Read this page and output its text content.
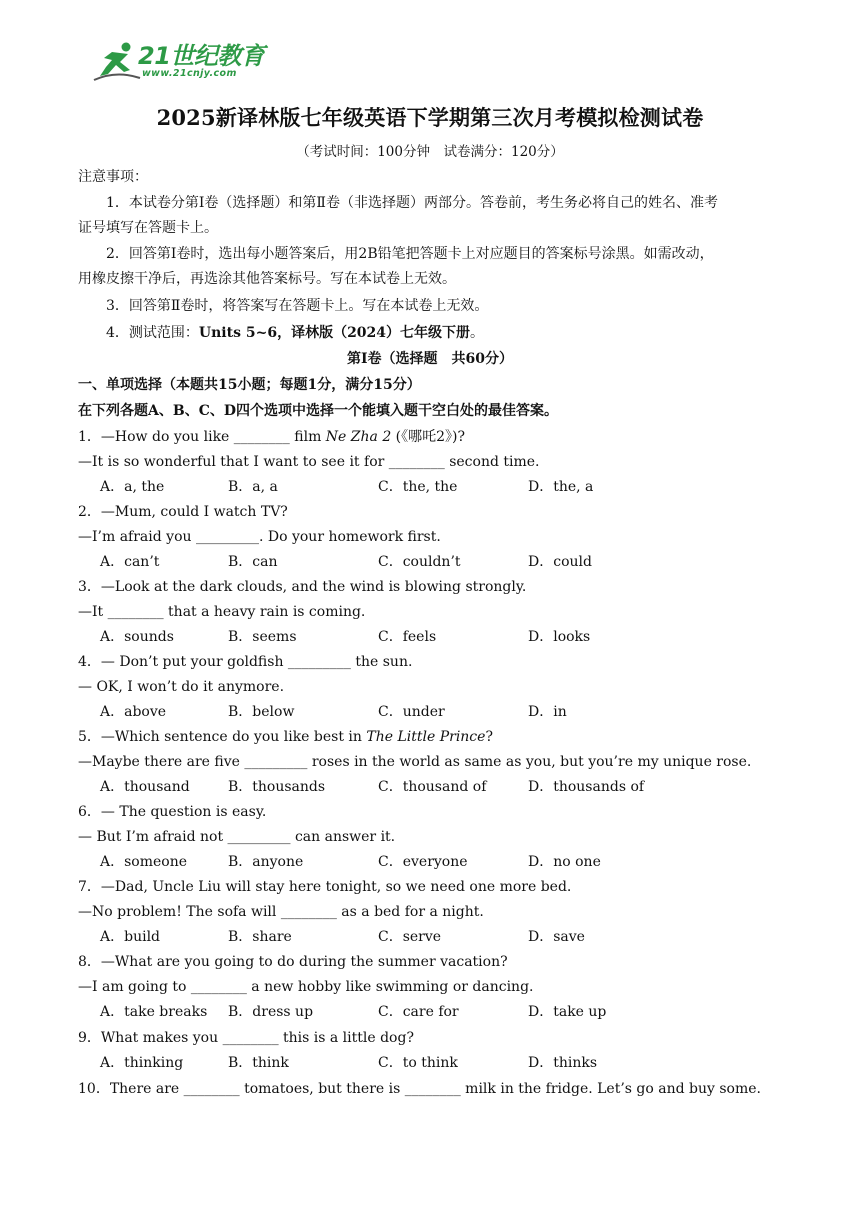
21世纪教育
www.21cnjy.com
2025新译林版七年级英语下学期第三次月考模拟检测试卷
（考试时间：100分钟　试卷满分：120分）
注意事项：
1．本试卷分第Ⅰ卷（选择题）和第Ⅱ卷（非选择题）两部分。答卷前，考生务必将自己的姓名、准考
证号填写在答题卡上。
2．回答第Ⅰ卷时，选出每小题答案后，用2B铅笔把答题卡上对应题目的答案标号涂黑。如需改动，
用橡皮擦干净后，再选涂其他答案标号。写在本试卷上无效。
3．回答第Ⅱ卷时，将答案写在答题卡上。写在本试卷上无效。
4．测试范围：Units 5~6，译林版（2024）七年级下册。
第Ⅰ卷（选择题　共60分）
一、单项选择（本题共15小题；每题1分，满分15分）
在下列各题A、B、C、D四个选项中选择一个能填入题干空白处的最佳答案。
1．—How do you like ________ film Ne Zha 2 (《哪吒2》)?
—It is so wonderful that I want to see it for ________ second time.
A．a, the	B．a, a	C．the, the	D．the, a
2．—Mum, could I watch TV?
—I’m afraid you _________. Do your homework first.
A．can’t	B．can	C．couldn’t	D．could
3．—Look at the dark clouds, and the wind is blowing strongly.
—It ________ that a heavy rain is coming.
A．sounds	B．seems	C．feels	D．looks
4．— Don’t put your goldfish _________ the sun.
— OK, I won’t do it anymore.
A．above	B．below	C．under	D．in
5．—Which sentence do you like best in The Little Prince?
—Maybe there are five _________ roses in the world as same as you, but you’re my unique rose.
A．thousand	B．thousands	C．thousand of	D．thousands of
6．— The question is easy.
— But I’m afraid not _________ can answer it.
A．someone	B．anyone	C．everyone	D．no one
7．—Dad, Uncle Liu will stay here tonight, so we need one more bed.
—No problem! The sofa will ________ as a bed for a night.
A．build	B．share	C．serve	D．save
8．—What are you going to do during the summer vacation?
—I am going to ________ a new hobby like swimming or dancing.
A．take breaks B．dress up	C．care for	D．take up
9．What makes you ________ this is a little dog?
A．thinking	B．think	C．to think	D．thinks
10．There are ________ tomatoes, but there is ________ milk in the fridge. Let’s go and buy some.
